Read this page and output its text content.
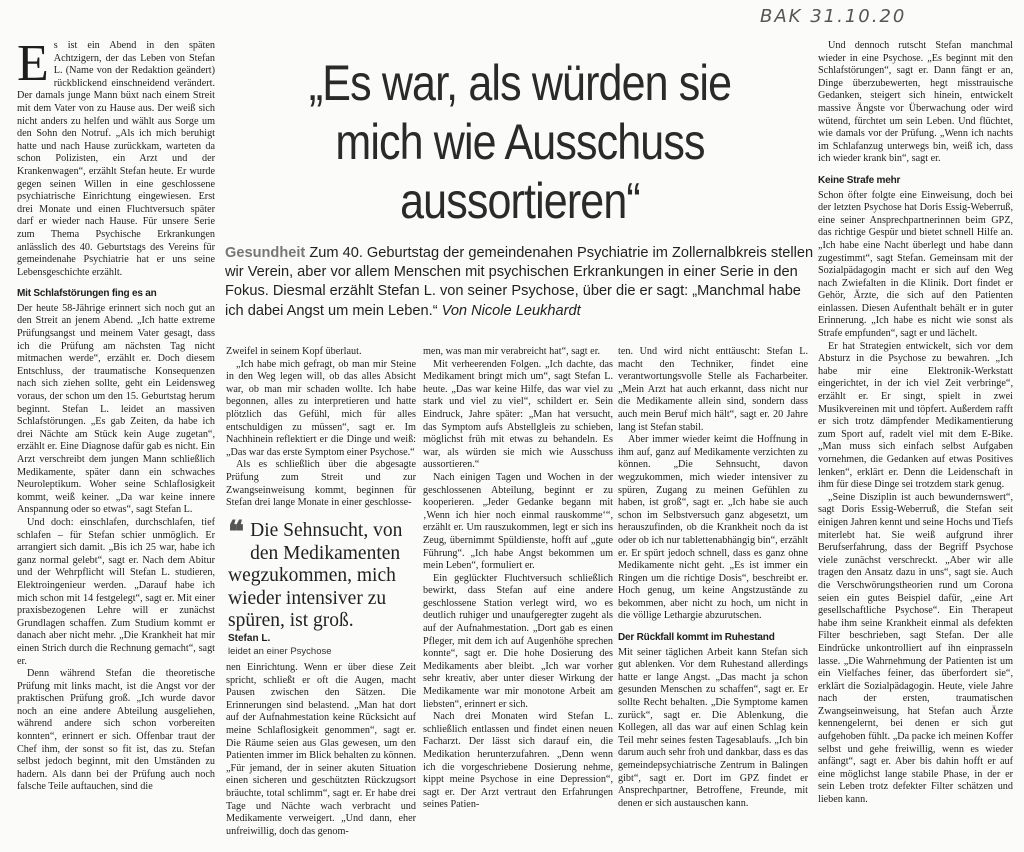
BAK 31.10.20
„Es war, als würden sie mich wie Ausschuss aussortieren“
Gesundheit Zum 40. Geburtstag der gemeindenahen Psychiatrie im Zollernalbkreis stellen wir Verein, aber vor allem Menschen mit psychischen Erkrankungen in einer Serie in den Fokus. Diesmal erzählt Stefan L. von seiner Psychose, über die er sagt: „Manchmal habe ich dabei Angst um mein Leben.“ Von Nicole Leukhardt

Es ist ein Abend in den späten Achtzigern, der das Leben von Stefan L. (Name von der Redaktion geändert) rückblickend einschneidend verändert. Der damals junge Mann büxt nach einem Streit mit dem Vater von zu Hause aus. Der weiß sich nicht anders zu helfen und wählt aus Sorge um den Sohn den Notruf. „Als ich mich beruhigt hatte und nach Hause zurückkam, warteten da schon Polizisten, ein Arzt und der Krankenwagen“, erzählt Stefan heute. Er wurde gegen seinen Willen in eine geschlossene psychiatrische Einrichtung eingewiesen. Erst drei Monate und einen Fluchtversuch später darf er wieder nach Hause. Für unsere Serie zum Thema Psychische Erkrankungen anlässlich des 40. Geburtstags des Vereins für gemeindenahe Psychiatrie hat er uns seine Lebensgeschichte erzählt.

Mit Schlafstörungen fing es an

Der heute 58-Jährige erinnert sich noch gut an den Streit an jenem Abend. „Ich hatte extreme Prüfungsangst und meinem Vater gesagt, dass ich die Prüfung am nächsten Tag nicht mitmachen werde“, erzählt er. Doch diesem Entschluss, der traumatische Konsequenzen nach sich ziehen sollte, geht ein Leidensweg voraus, der schon um den 15. Geburtstag herum beginnt. Stefan L. leidet an massiven Schlafstörungen. „Es gab Zeiten, da habe ich drei Nächte am Stück kein Auge zugetan“, erzählt er. Eine Diagnose dafür gab es nicht. Ein Arzt verschreibt dem jungen Mann schließlich Medikamente, später dann ein schwaches Neuroleptikum. Woher seine Schlaflosigkeit kommt, weiß keiner. „Da war keine innere Anspannung oder so etwas“, sagt Stefan L.

Und doch: einschlafen, durchschlafen, tief schlafen – für Stefan schier unmöglich. Er arrangiert sich damit. „Bis ich 25 war, habe ich ganz normal gelebt“, sagt er. Nach dem Abitur und der Wehrpflicht will Stefan L. studieren, Elektroingenieur werden. „Darauf habe ich mich schon mit 14 festgelegt“, sagt er. Mit einer praxisbezogenen Lehre will er zunächst Grundlagen schaffen. Zum Studium kommt er danach aber nicht mehr. „Die Krankheit hat mir einen Strich durch die Rechnung gemacht“, sagt er.

Denn während Stefan die theoretische Prüfung mit links macht, ist die Angst vor der praktischen Prüfung groß. „Ich wurde davor noch an eine andere Abteilung ausgeliehen, während andere sich schon vorbereiten konnten“, erinnert er sich. Offenbar traut der Chef ihm, der sonst so fit ist, das zu. Stefan selbst jedoch beginnt, mit den Umständen zu hadern. Als dann bei der Prüfung auch noch falsche Teile auftauchen, sind die

Zweifel in seinem Kopf überlaut.

„Ich habe mich gefragt, ob man mir Steine in den Weg legen will, ob das alles Absicht war, ob man mir schaden wollte. Ich habe begonnen, alles zu interpretieren und hatte plötzlich das Gefühl, mich für alles entschuldigen zu müssen“, sagt er. Im Nachhinein reflektiert er die Dinge und weiß: „Das war das erste Symptom einer Psychose.“

Als es schließlich über die abgesagte Prüfung zum Streit und zur Zwangseinweisung kommt, beginnen für Stefan drei lange Monate in einer geschlosse-

❝ Die Sehnsucht, von den Medikamenten wegzukommen, mich wieder intensiver zu spüren, ist groß.
Stefan L.
leidet an einer Psychose

nen Einrichtung. Wenn er über diese Zeit spricht, schließt er oft die Augen, macht Pausen zwischen den Sätzen. Die Erinnerungen sind belastend. „Man hat dort auf der Aufnahmestation keine Rücksicht auf meine Schlaflosigkeit genommen“, sagt er. Die Räume seien aus Glas gewesen, um den Patienten immer im Blick behalten zu können. „Für jemand, der in seiner akuten Situation einen sicheren und geschützten Rückzugsort bräuchte, total schlimm“, sagt er. Er habe drei Tage und Nächte wach verbracht und Medikamente verweigert. „Und dann, eher unfreiwillig, doch das genom-

men, was man mir verabreicht hat“, sagt er.

Mit verheerenden Folgen. „Ich dachte, das Medikament bringt mich um“, sagt Stefan L. heute. „Das war keine Hilfe, das war viel zu stark und viel zu viel“, schildert er. Sein Eindruck, Jahre später: „Man hat versucht, das Symptom aufs Abstellgleis zu schieben, möglichst früh mit etwas zu behandeln. Es war, als würden sie mich wie Ausschuss aussortieren.“

Nach einigen Tagen und Wochen in der geschlossenen Abteilung, beginnt er zu kooperieren. „Jeder Gedanke begann mit ‚Wenn ich hier noch einmal rauskomme‘“, erzählt er. Um rauszukommen, legt er sich ins Zeug, übernimmt Spüldienste, hofft auf „gute Führung“. „Ich habe Angst bekommen um mein Leben“, formuliert er.

Ein geglückter Fluchtversuch schließlich bewirkt, dass Stefan auf eine andere geschlossene Station verlegt wird, wo es deutlich ruhiger und unaufgeregter zugeht als auf der Aufnahmestation. „Dort gab es einen Pfleger, mit dem ich auf Augenhöhe sprechen konnte“, sagt er. Die hohe Dosierung des Medikaments aber bleibt. „Ich war vorher sehr kreativ, aber unter dieser Wirkung der Medikamente war mir monotone Arbeit am liebsten“, erinnert er sich.

Nach drei Monaten wird Stefan L. schließlich entlassen und findet einen neuen Facharzt. Der lässt sich darauf ein, die Medikation herunterzufahren. „Denn wenn ich die vorgeschriebene Dosierung nehme, kippt meine Psychose in eine Depression“, sagt er. Der Arzt vertraut den Erfahrungen seines Patien-

ten. Und wird nicht enttäuscht: Stefan L. macht den Techniker, findet eine verantwortungsvolle Stelle als Facharbeiter. „Mein Arzt hat auch erkannt, dass nicht nur die Medikamente allein sind, sondern dass auch mein Beruf mich hält“, sagt er. 20 Jahre lang ist Stefan stabil.

Aber immer wieder keimt die Hoffnung in ihm auf, ganz auf Medikamente verzichten zu können. „Die Sehnsucht, davon wegzukommen, mich wieder intensiver zu spüren, Zugang zu meinen Gefühlen zu haben, ist groß“, sagt er. „Ich habe sie auch schon im Selbstversuch ganz abgesetzt, um herauszufinden, ob die Krankheit noch da ist oder ob ich nur tablettenabhängig bin“, erzählt er. Er spürt jedoch schnell, dass es ganz ohne Medikamente nicht geht. „Es ist immer ein Ringen um die richtige Dosis“, beschreibt er. Hoch genug, um keine Angstzustände zu bekommen, aber nicht zu hoch, um nicht in die völlige Lethargie abzurutschen.

Der Rückfall kommt im Ruhestand

Mit seiner täglichen Arbeit kann Stefan sich gut ablenken. Vor dem Ruhestand allerdings hatte er lange Angst. „Das macht ja schon gesunden Menschen zu schaffen“, sagt er. Er sollte Recht behalten. „Die Symptome kamen zurück“, sagt er. Die Ablenkung, die Kollegen, all das war auf einen Schlag kein Teil mehr seines festen Tagesablaufs. „Ich bin darum auch sehr froh und dankbar, dass es das gemeindepsychiatrische Zentrum in Balingen gibt“, sagt er. Dort im GPZ findet er Ansprechpartner, Betroffene, Freunde, mit denen er sich austauschen kann.

Und dennoch rutscht Stefan manchmal wieder in eine Psychose. „Es beginnt mit den Schlafstörungen“, sagt er. Dann fängt er an, Dinge überzubewerten, hegt misstrauische Gedanken, steigert sich hinein, entwickelt massive Ängste vor Überwachung oder wird wütend, fürchtet um sein Leben. Und flüchtet, wie damals vor der Prüfung. „Wenn ich nachts im Schlafanzug unterwegs bin, weiß ich, dass ich wieder krank bin“, sagt er.

Keine Strafe mehr

Schon öfter folgte eine Einweisung, doch bei der letzten Psychose hat Doris Essig-Weberruß, eine seiner Ansprechpartnerinnen beim GPZ, das richtige Gespür und bietet schnell Hilfe an. „Ich habe eine Nacht überlegt und habe dann zugestimmt“, sagt Stefan. Gemeinsam mit der Sozialpädagogin macht er sich auf den Weg nach Zwiefalten in die Klinik. Dort findet er Gehör, Ärzte, die sich auf den Patienten einlassen. Diesen Aufenthalt behält er in guter Erinnerung. „Ich habe es nicht wie sonst als Strafe empfunden“, sagt er und lächelt.

Er hat Strategien entwickelt, sich vor dem Absturz in die Psychose zu bewahren. „Ich habe mir eine Elektronik-Werkstatt eingerichtet, in der ich viel Zeit verbringe“, erzählt er. Er singt, spielt in zwei Musikvereinen mit und töpfert. Außerdem rafft er sich trotz dämpfender Medikamentierung zum Sport auf, radelt viel mit dem E-Bike. „Man muss sich einfach selbst Aufgaben vornehmen, die Gedanken auf etwas Positives lenken“, erklärt er. Denn die Leidenschaft in ihm für diese Dinge sei trotzdem stark genug.

„Seine Disziplin ist auch bewundernswert“, sagt Doris Essig-Weberruß, die Stefan seit einigen Jahren kennt und seine Hochs und Tiefs miterlebt hat. Sie weiß aufgrund ihrer Berufserfahrung, dass der Begriff Psychose viele zunächst verschreckt. „Aber wir alle tragen den Ansatz dazu in uns“, sagt sie. Auch die Verschwörungstheorien rund um Corona seien ein gutes Beispiel dafür, „eine Art gesellschaftliche Psychose“. Ein Therapeut habe ihm seine Krankheit einmal als defekten Filter beschrieben, sagt Stefan. Der alle Eindrücke unkontrolliert auf ihn einprasseln lasse. „Die Wahrnehmung der Patienten ist um ein Vielfaches feiner, das überfordert sie“, erklärt die Sozialpädagogin. Heute, viele Jahre nach der ersten, traumatischen Zwangseinweisung, hat Stefan auch Ärzte kennengelernt, bei denen er sich gut aufgehoben fühlt. „Da packe ich meinen Koffer selbst und gehe freiwillig, wenn es wieder anfängt“, sagt er. Aber bis dahin hofft er auf eine möglichst lange stabile Phase, in der er sein Leben trotz defekter Filter schätzen und lieben kann.
